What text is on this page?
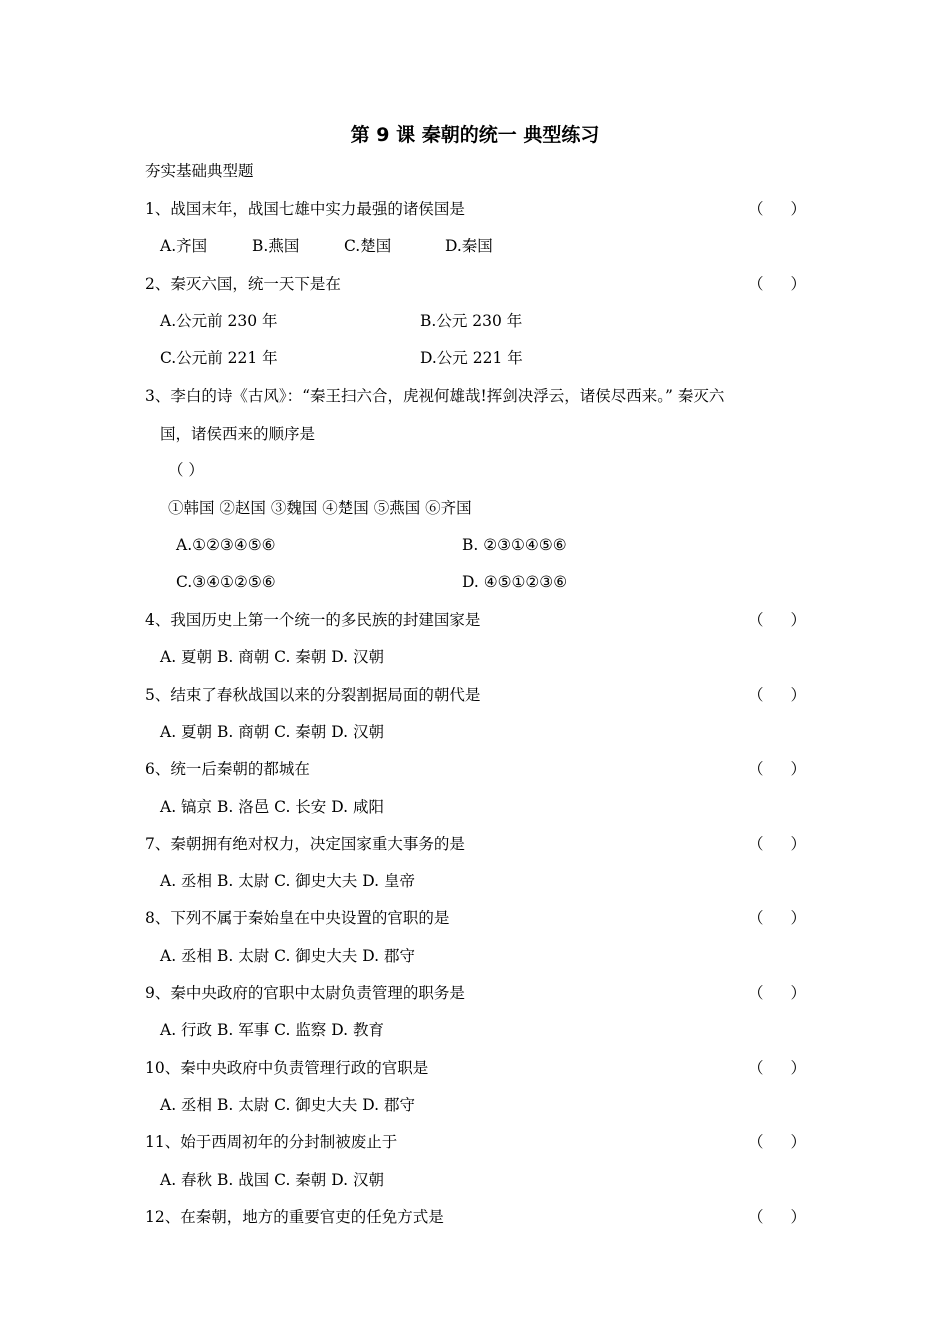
第 9 课 秦朝的统一 典型练习
夯实基础典型题
1、战国末年，战国七雄中实力最强的诸侯国是	（ ）
A.齐国	B.燕国	C.楚国	D.秦国
2、秦灭六国，统一天下是在	（ ）
A.公元前 230 年	B.公元 230 年
C.公元前 221 年	D.公元 221 年
3、李白的诗《古风》：“秦王扫六合，虎视何雄哉!挥剑决浮云，诸侯尽西来。” 秦灭六
国，诸侯西来的顺序是
（ ）
①韩国 ②赵国 ③魏国 ④楚国 ⑤燕国 ⑥齐国
A.①②③④⑤⑥	B. ②③①④⑤⑥
C.③④①②⑤⑥	D. ④⑤①②③⑥
4、我国历史上第一个统一的多民族的封建国家是	（ ）
A. 夏朝 B. 商朝 C. 秦朝 D. 汉朝
5、结束了春秋战国以来的分裂割据局面的朝代是	（ ）
A. 夏朝 B. 商朝 C. 秦朝 D. 汉朝
6、统一后秦朝的都城在	（ ）
A. 镐京 B. 洛邑 C. 长安 D. 咸阳
7、秦朝拥有绝对权力，决定国家重大事务的是	（ ）
A. 丞相 B. 太尉 C. 御史大夫 D. 皇帝
8、下列不属于秦始皇在中央设置的官职的是	（ ）
A. 丞相 B. 太尉 C. 御史大夫 D. 郡守
9、秦中央政府的官职中太尉负责管理的职务是	（ ）
A. 行政 B. 军事 C. 监察 D. 教育
10、秦中央政府中负责管理行政的官职是	（ ）
A. 丞相 B. 太尉 C. 御史大夫 D. 郡守
11、始于西周初年的分封制被废止于	（ ）
A. 春秋 B. 战国 C. 秦朝 D. 汉朝
12、在秦朝，地方的重要官吏的任免方式是	（ ）
